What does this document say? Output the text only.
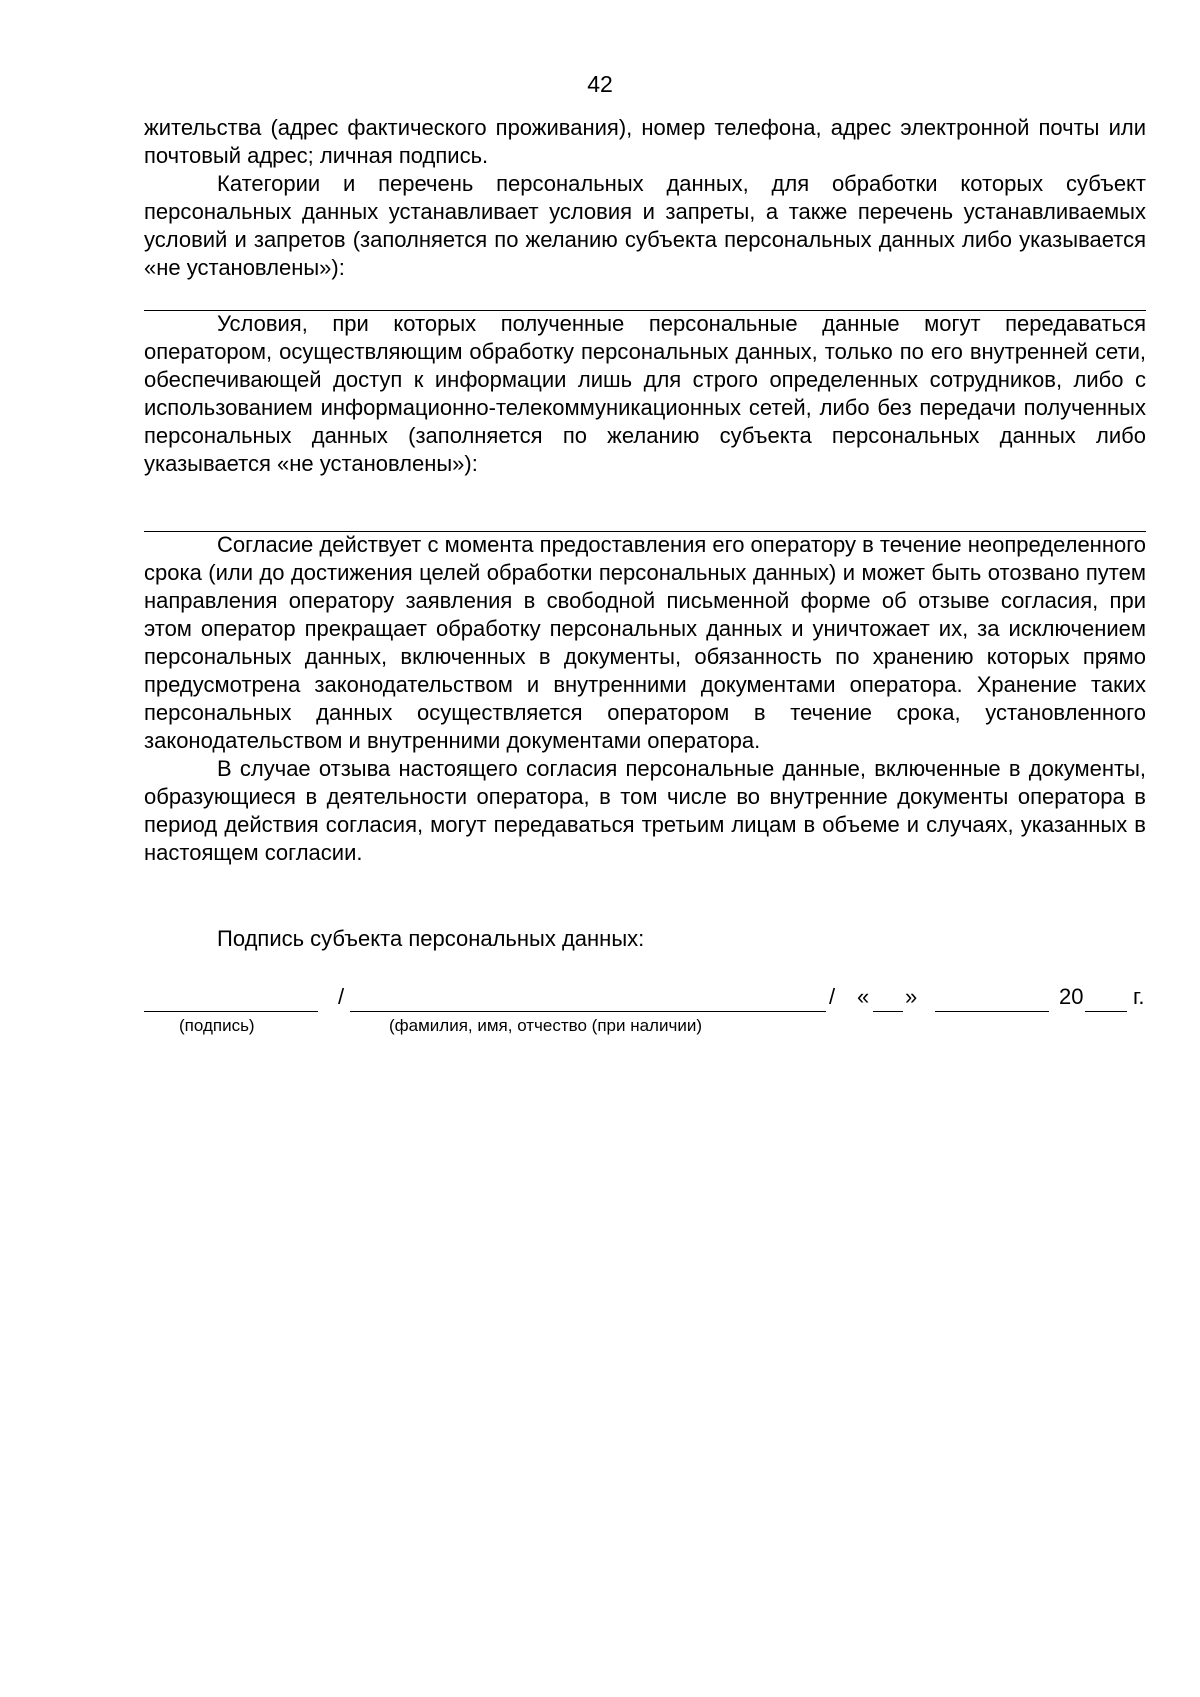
42

жительства (адрес фактического проживания), номер телефона, адрес электронной почты или почтовый адрес; личная подпись.

Категории и перечень персональных данных, для обработки которых субъект персональных данных устанавливает условия и запреты, а также перечень устанавливаемых условий и запретов (заполняется по желанию субъекта персональных данных либо указывается «не установлены»):

Условия, при которых полученные персональные данные могут передаваться оператором, осуществляющим обработку персональных данных, только по его внутренней сети, обеспечивающей доступ к информации лишь для строго определенных сотрудников, либо с использованием информационно-телекоммуникационных сетей, либо без передачи полученных персональных данных (заполняется по желанию субъекта персональных данных либо указывается «не установлены»):

Согласие действует с момента предоставления его оператору в течение неопределенного срока (или до достижения целей обработки персональных данных) и может быть отозвано путем направления оператору заявления в свободной письменной форме об отзыве согласия, при этом оператор прекращает обработку персональных данных и уничтожает их, за исключением персональных данных, включенных в документы, обязанность по хранению которых прямо предусмотрена законодательством и внутренними документами оператора. Хранение таких персональных данных осуществляется оператором в течение срока, установленного законодательством и внутренними документами оператора.

В случае отзыва настоящего согласия персональные данные, включенные в документы, образующиеся в деятельности оператора, в том числе во внутренние документы оператора в период действия согласия, могут передаваться третьим лицам в объеме и случаях, указанных в настоящем согласии.

Подпись субъекта персональных данных:
/	/ « »	20 г.
(подпись)	(фамилия, имя, отчество (при наличии)
